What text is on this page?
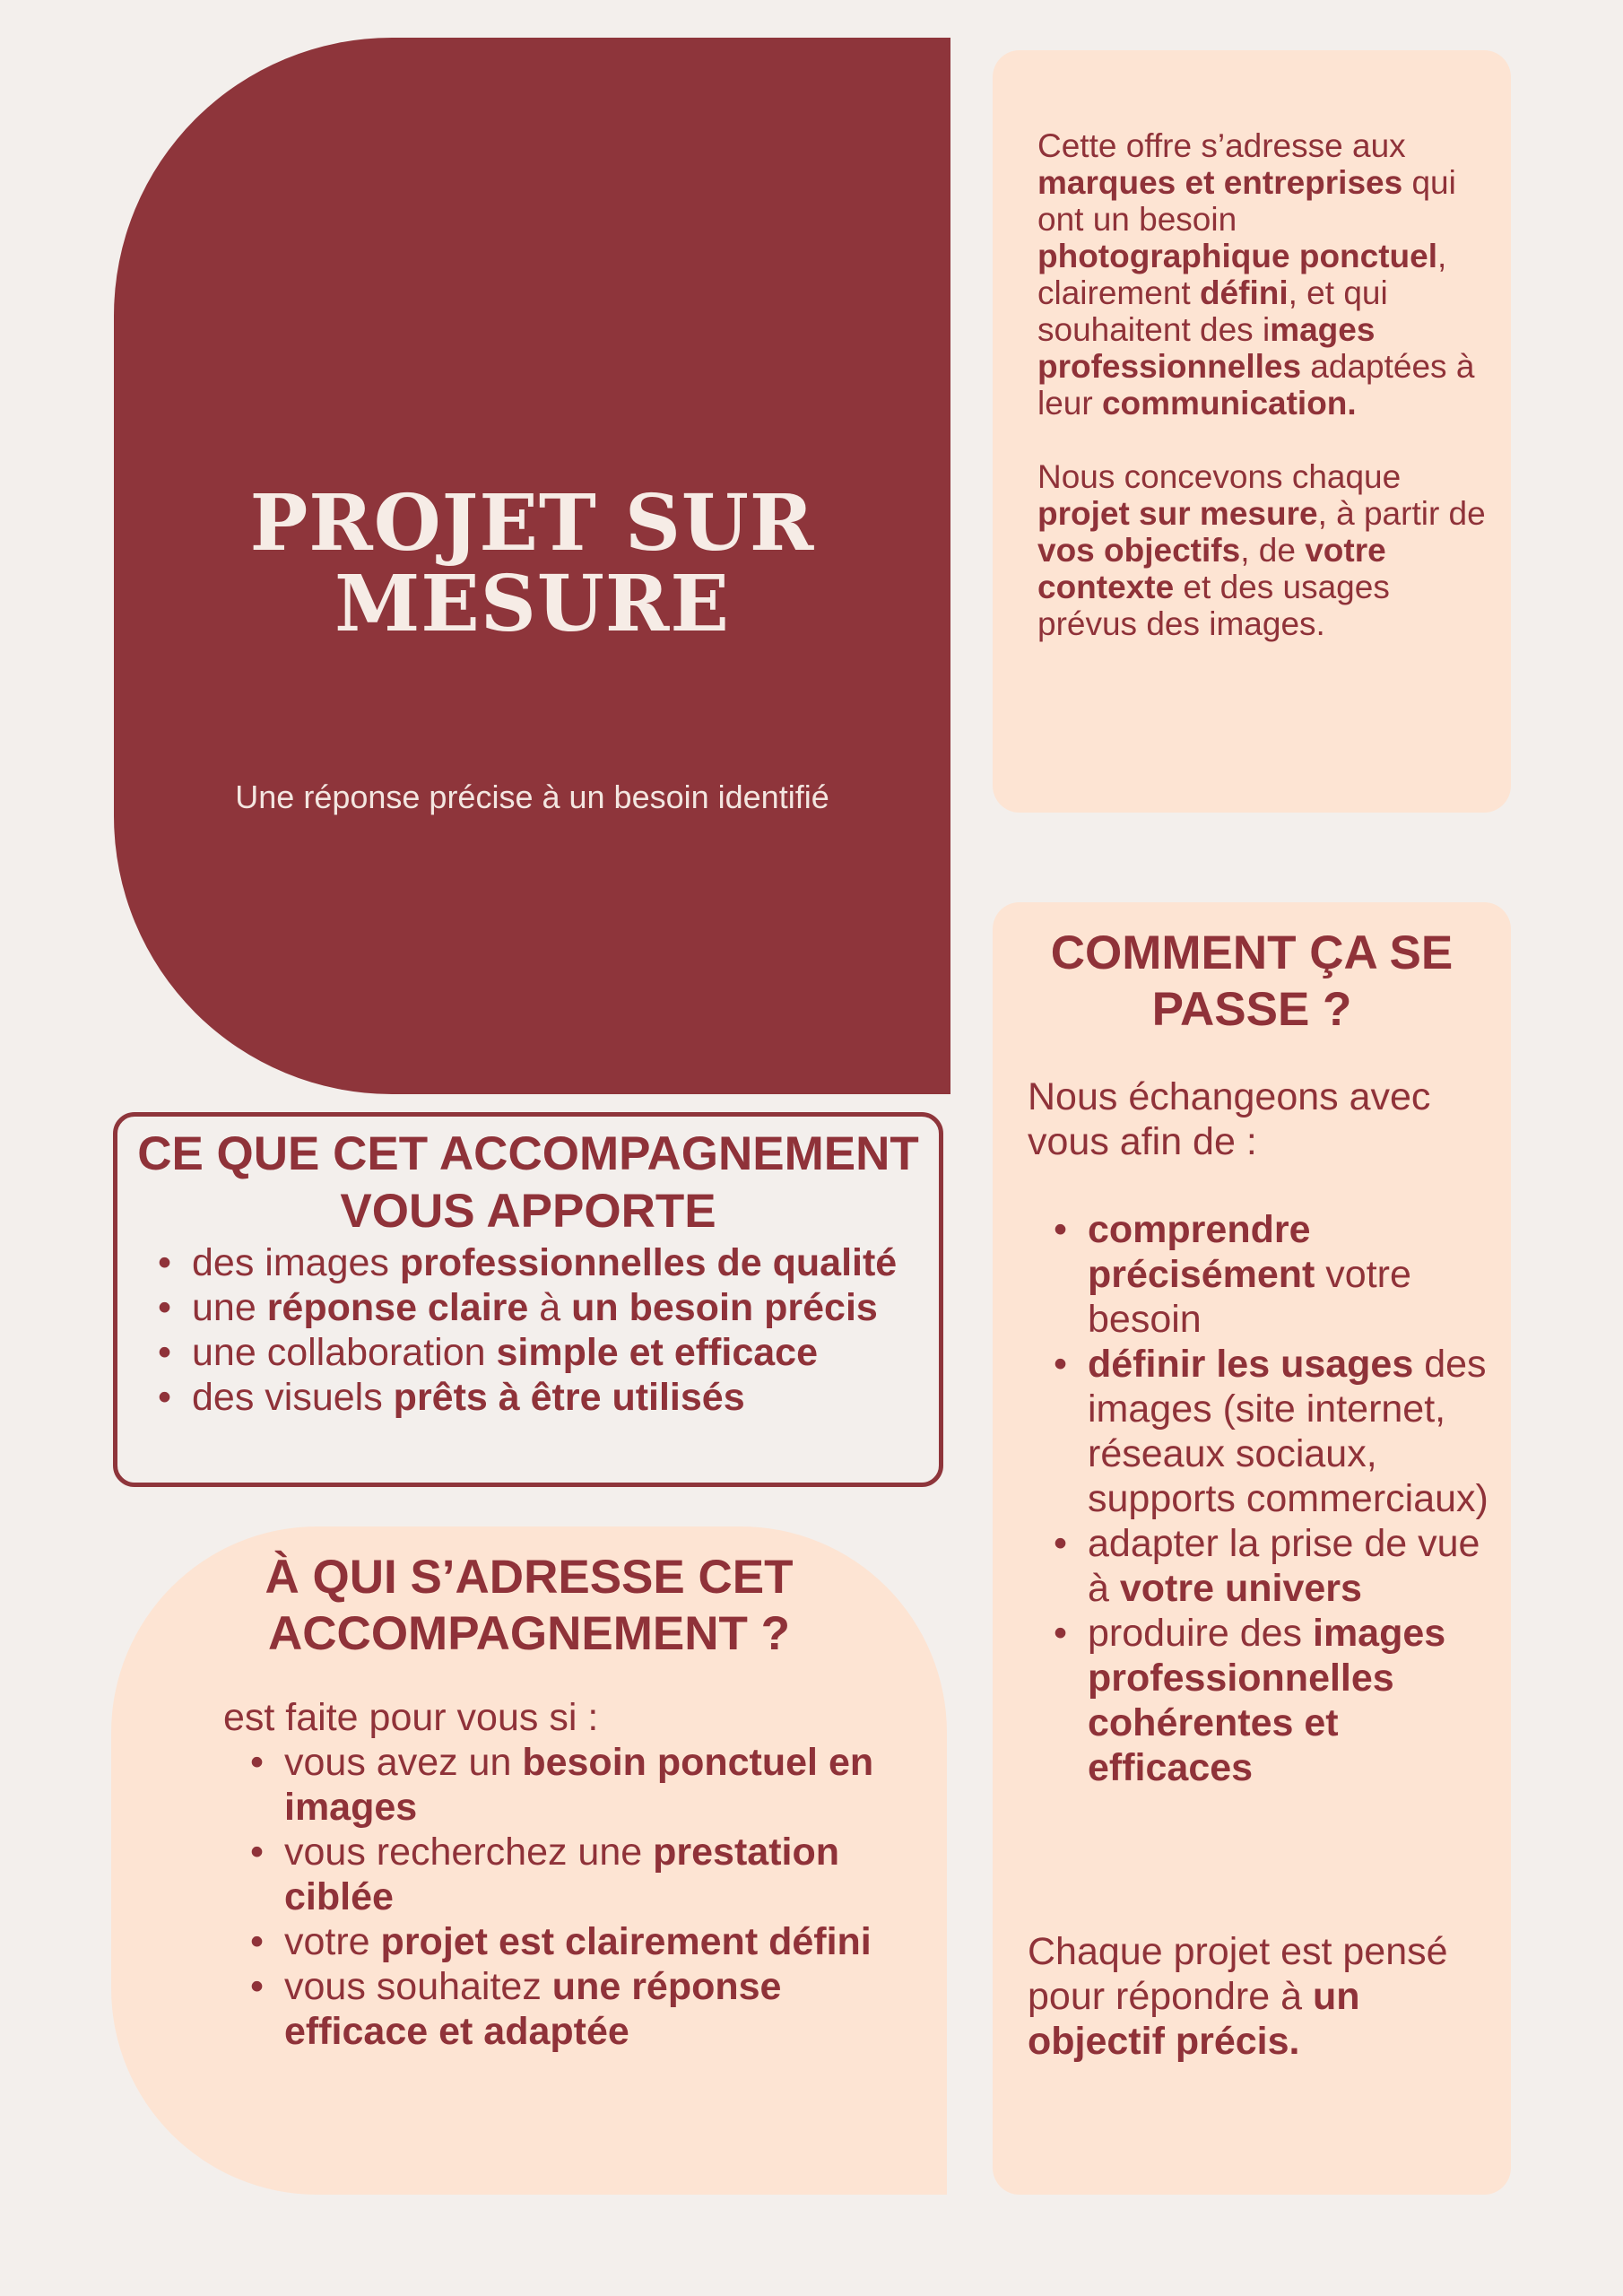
PROJET SUR
MESURE
Une réponse précise à un besoin identifié

Cette offre s’adresse aux marques et entreprises qui ont un besoin photographique ponctuel, clairement défini, et qui souhaitent des images professionnelles adaptées à leur communication.

Nous concevons chaque projet sur mesure, à partir de vos objectifs, de votre contexte et des usages prévus des images.

CE QUE CET ACCOMPAGNEMENT
VOUS APPORTE
• des images professionnelles de qualité
• une réponse claire à un besoin précis
• une collaboration simple et efficace
• des visuels prêts à être utilisés
À QUI S’ADRESSE CET
ACCOMPAGNEMENT ?
est faite pour vous si :
• vous avez un besoin ponctuel en images
• vous recherchez une prestation ciblée
• votre projet est clairement défini
• vous souhaitez une réponse efficace et adaptée
COMMENT ÇA SE
PASSE ?
Nous échangeons avec vous afin de :
• comprendre précisément votre besoin
• définir les usages des images (site internet, réseaux sociaux, supports commerciaux)
• adapter la prise de vue à votre univers
• produire des images professionnelles cohérentes et efficaces
Chaque projet est pensé pour répondre à un objectif précis.
